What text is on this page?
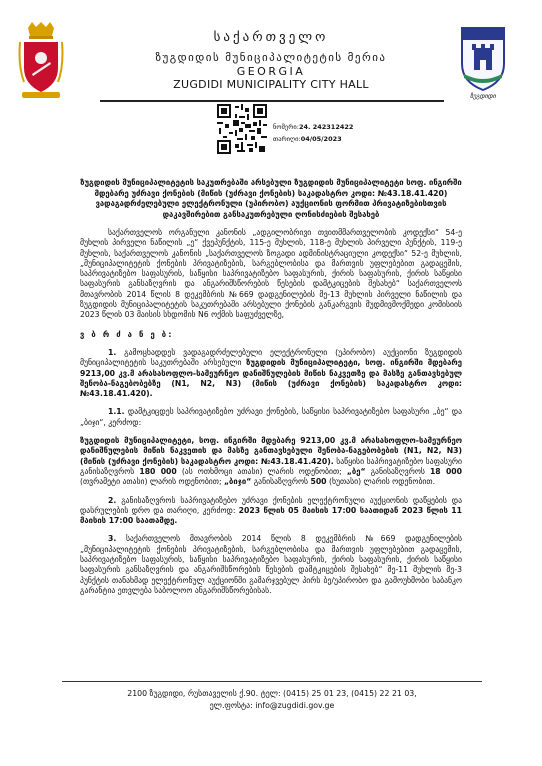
საქართველო
ზუგდიდის მუნიციპალიტეტის მერია
GEORGIA
ZUGDIDI MUNICIPALITY CITY HALL
ზუგდიდი
ნომერი:24. 242312422
თარიღი:04/05/2023
ზუგდიდის მუნიციპალიტეტის საკუთრებაში არსებული ზუგდიდის მუნიციპალიტეტი სოფ. ინგირში მდებარე უძრავი ქონების (მიწის (უძრავი ქონების) საკადასტრო კოდი: №43.18.41.420) ვადაგადრძელებული ელექტრონული (უპირობო) აუქციონის ფორმით პრივატიზებისთვის დაკავშირებით განსაკუთრებული ღონისძიების შესახებ
საქართველოს ორგანული კანონის „ადგილობრივი თვითმმართველობის კოდექსი“ 54-ე მუხლის პირველი ნაწილის „ე“ ქვეპუნქტის, 115-ე მუხლის, 118-ე მუხლის პირველი პუნქტის, 119-ე მუხლის, საქართველოს კანონის „საქართველოს ზოგადი ადმინისტრაციული კოდექსი“ 52-ე მუხლის, „მუნიციპალიტეტის ქონების პრივატიზების, სარგებლობისა და მართვის უფლებებით გადაცემის, საპრივატიზებო საფასურის, საწყისი საპრივატიზებო საფასურის, ქირის საფასურის, ქირის საწყისი საფასურის განსაზღვრის და ანგარიშსწორების წესების დამტკიცების შესახებ“ საქართველოს მთავრობის 2014 წლის 8 დეკემბრის №669 დადგენილების მე-13 მუხლის პირველი ნაწილის და ზუგდიდის მუნიციპალიტეტის საკუთრებაში არსებული ქონების განკარგვის მუდმივმოქმედი კომისიის 2023 წლის 03 მაისის სხდომის N6 ოქმის საფუძველზე,
ვ ბ რ ძ ა ნ ე ბ:
1. გამოცხადდეს ვადაგადრძელებული ელექტრონული (უპირობო) აუქციონი ზუგდიდის მუნიციპალიტეტის საკუთრებაში არსებული ზუგდიდის მუნიციპალიტეტი, სოფ. ინგირში მდებარე 9213,00 კვ.მ არასასოფლო-სამეურნეო დანიშნულების მიწის ნაკვეთზე და მასზე განთავსებულ შენობა-ნაგებობებზე (N1, N2, N3) (მიწის (უძრავი ქონების) საკადასტრო კოდი: №43.18.41.420).
1.1. დამტკიცდეს საპრივატიზებო უძრავი ქონების, საწყისი საპრივატიზებო საფასური „ბე“ და „ბიჯი“, კერძოდ:
ზუგდიდის მუნიციპალიტეტი, სოფ. ინგირში მდებარე 9213,00 კვ.მ არასასოფლო-სამეურნეო დანიშნულების მიწის ნაკვეთის და მასზე განთავსებული შენობა-ნაგებობების (N1, N2, N3) (მიწის (უძრავი ქონების) საკადასტრო კოდი: №43.18.41.420). საწყისი საპრივატიზებო საფასური განისაზღვროს 180 000 (ას ოთხმოცი ათასი) ლარის ოდენობით; „ბე“ განისაზღვროს 18 000 (თვრამეტი ათასი) ლარის ოდენობით; „ბიჯი“ განისაზღვროს 500 (ხუთასი) ლარის ოდენობით.
2. განისაზღვროს საპრივატიზებო უძრავი ქონების ელექტრონული აუქციონის დაწყების და დასრულების დრო და თარიღი, კერძოდ: 2023 წლის 05 მაისის 17:00 საათიდან 2023 წლის 11 მაისის 17:00 საათამდე.
3. საქართველოს მთავრობის 2014 წლის 8 დეკემბრის №669 დადგენილების „მუნიციპალიტეტის ქონების პრივატიზების, სარგებლობისა და მართვის უფლებებით გადაცემის, საპრივატიზებო საფასურის, საწყისი საპრივატიზებო საფასურის, ქირის საფასურის, ქირის საწყისი საფასურის განსაზღვრის და ანგარიშსწორების წესების დამტკიცების შესახებ“ მე-11 მუხლის მე-3 პუნქტის თანახმად ელექტრონულ აუქციონში გამარჯვებულ პირს ბე/უპირობო და გამოუხმობი საბანკო გარანტია ეთვლება საბოლოო ანგარიშსწორებისას.
2100 ზუგდიდი, რუსთაველის ქ.90. ტელ: (0415) 25 01 23, (0415) 22 21 03,
ელ.ფოსტა: info@zugdidi.gov.ge
